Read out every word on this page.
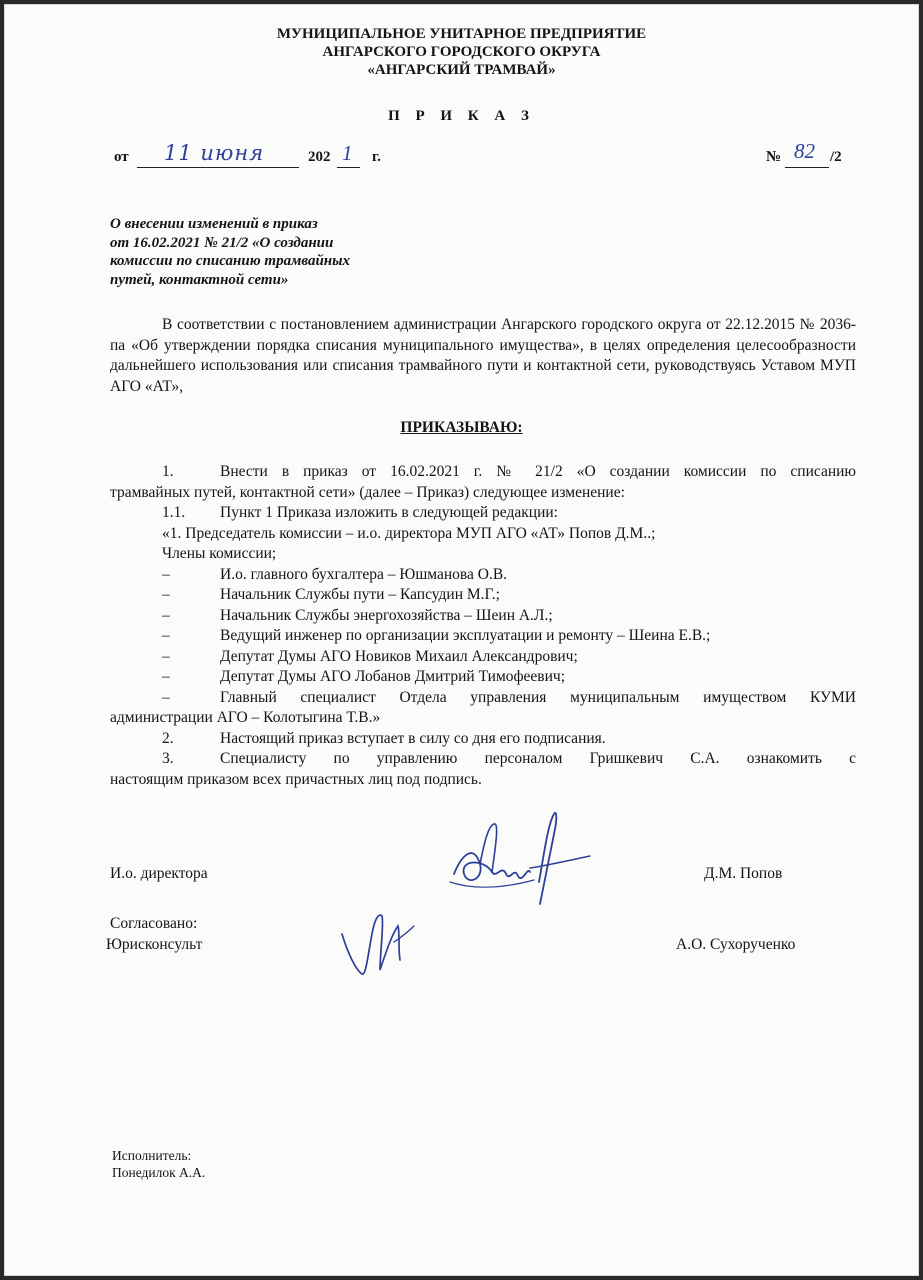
МУНИЦИПАЛЬНОЕ УНИТАРНОЕ ПРЕДПРИЯТИЕ
АНГАРСКОГО ГОРОДСКОГО ОКРУГА
«АНГАРСКИЙ ТРАМВАЙ»
П Р И К А З
от 11 июня	202 1 г.	№ 82 /2
О внесении изменений в приказ
от 16.02.2021 № 21/2 «О создании
комиссии по списанию трамвайных
путей, контактной сети»
В соответствии с постановлением администрации Ангарского городского округа от 22.12.2015 № 2036-па «Об утверждении порядка списания муниципального имущества», в целях определения целесообразности дальнейшего использования или списания трамвайного пути и контактной сети, руководствуясь Уставом МУП АГО «АТ»,
ПРИКАЗЫВАЮ:
1.	Внести в приказ от 16.02.2021 г. № 21/2 «О создании комиссии по списанию
трамвайных путей, контактной сети» (далее – Приказ) следующее изменение:
1.1.	Пункт 1 Приказа изложить в следующей редакции:
«1. Председатель комиссии – и.о. директора МУП АГО «АТ» Попов Д.М..;
Члены комиссии;
–	И.о. главного бухгалтера – Юшманова О.В.
–	Начальник Службы пути – Капсудин М.Г.;
–	Начальник Службы энергохозяйства – Шеин А.Л.;
–	Ведущий инженер по организации эксплуатации и ремонту – Шеина Е.В.;
–	Депутат Думы АГО Новиков Михаил Александрович;
–	Депутат Думы АГО Лобанов Дмитрий Тимофеевич;
–	Главный специалист Отдела управления муниципальным имуществом КУМИ
администрации АГО – Колотыгина Т.В.»
2.	Настоящий приказ вступает в силу со дня его подписания.
3.	Специалисту по управлению персоналом Гришкевич С.А. ознакомить с
настоящим приказом всех причастных лиц под подпись.
И.о. директора	Д.М. Попов
Согласовано:
Юрисконсульт	А.О. Сухорученко
Исполнитель:
Понедилок А.А.
